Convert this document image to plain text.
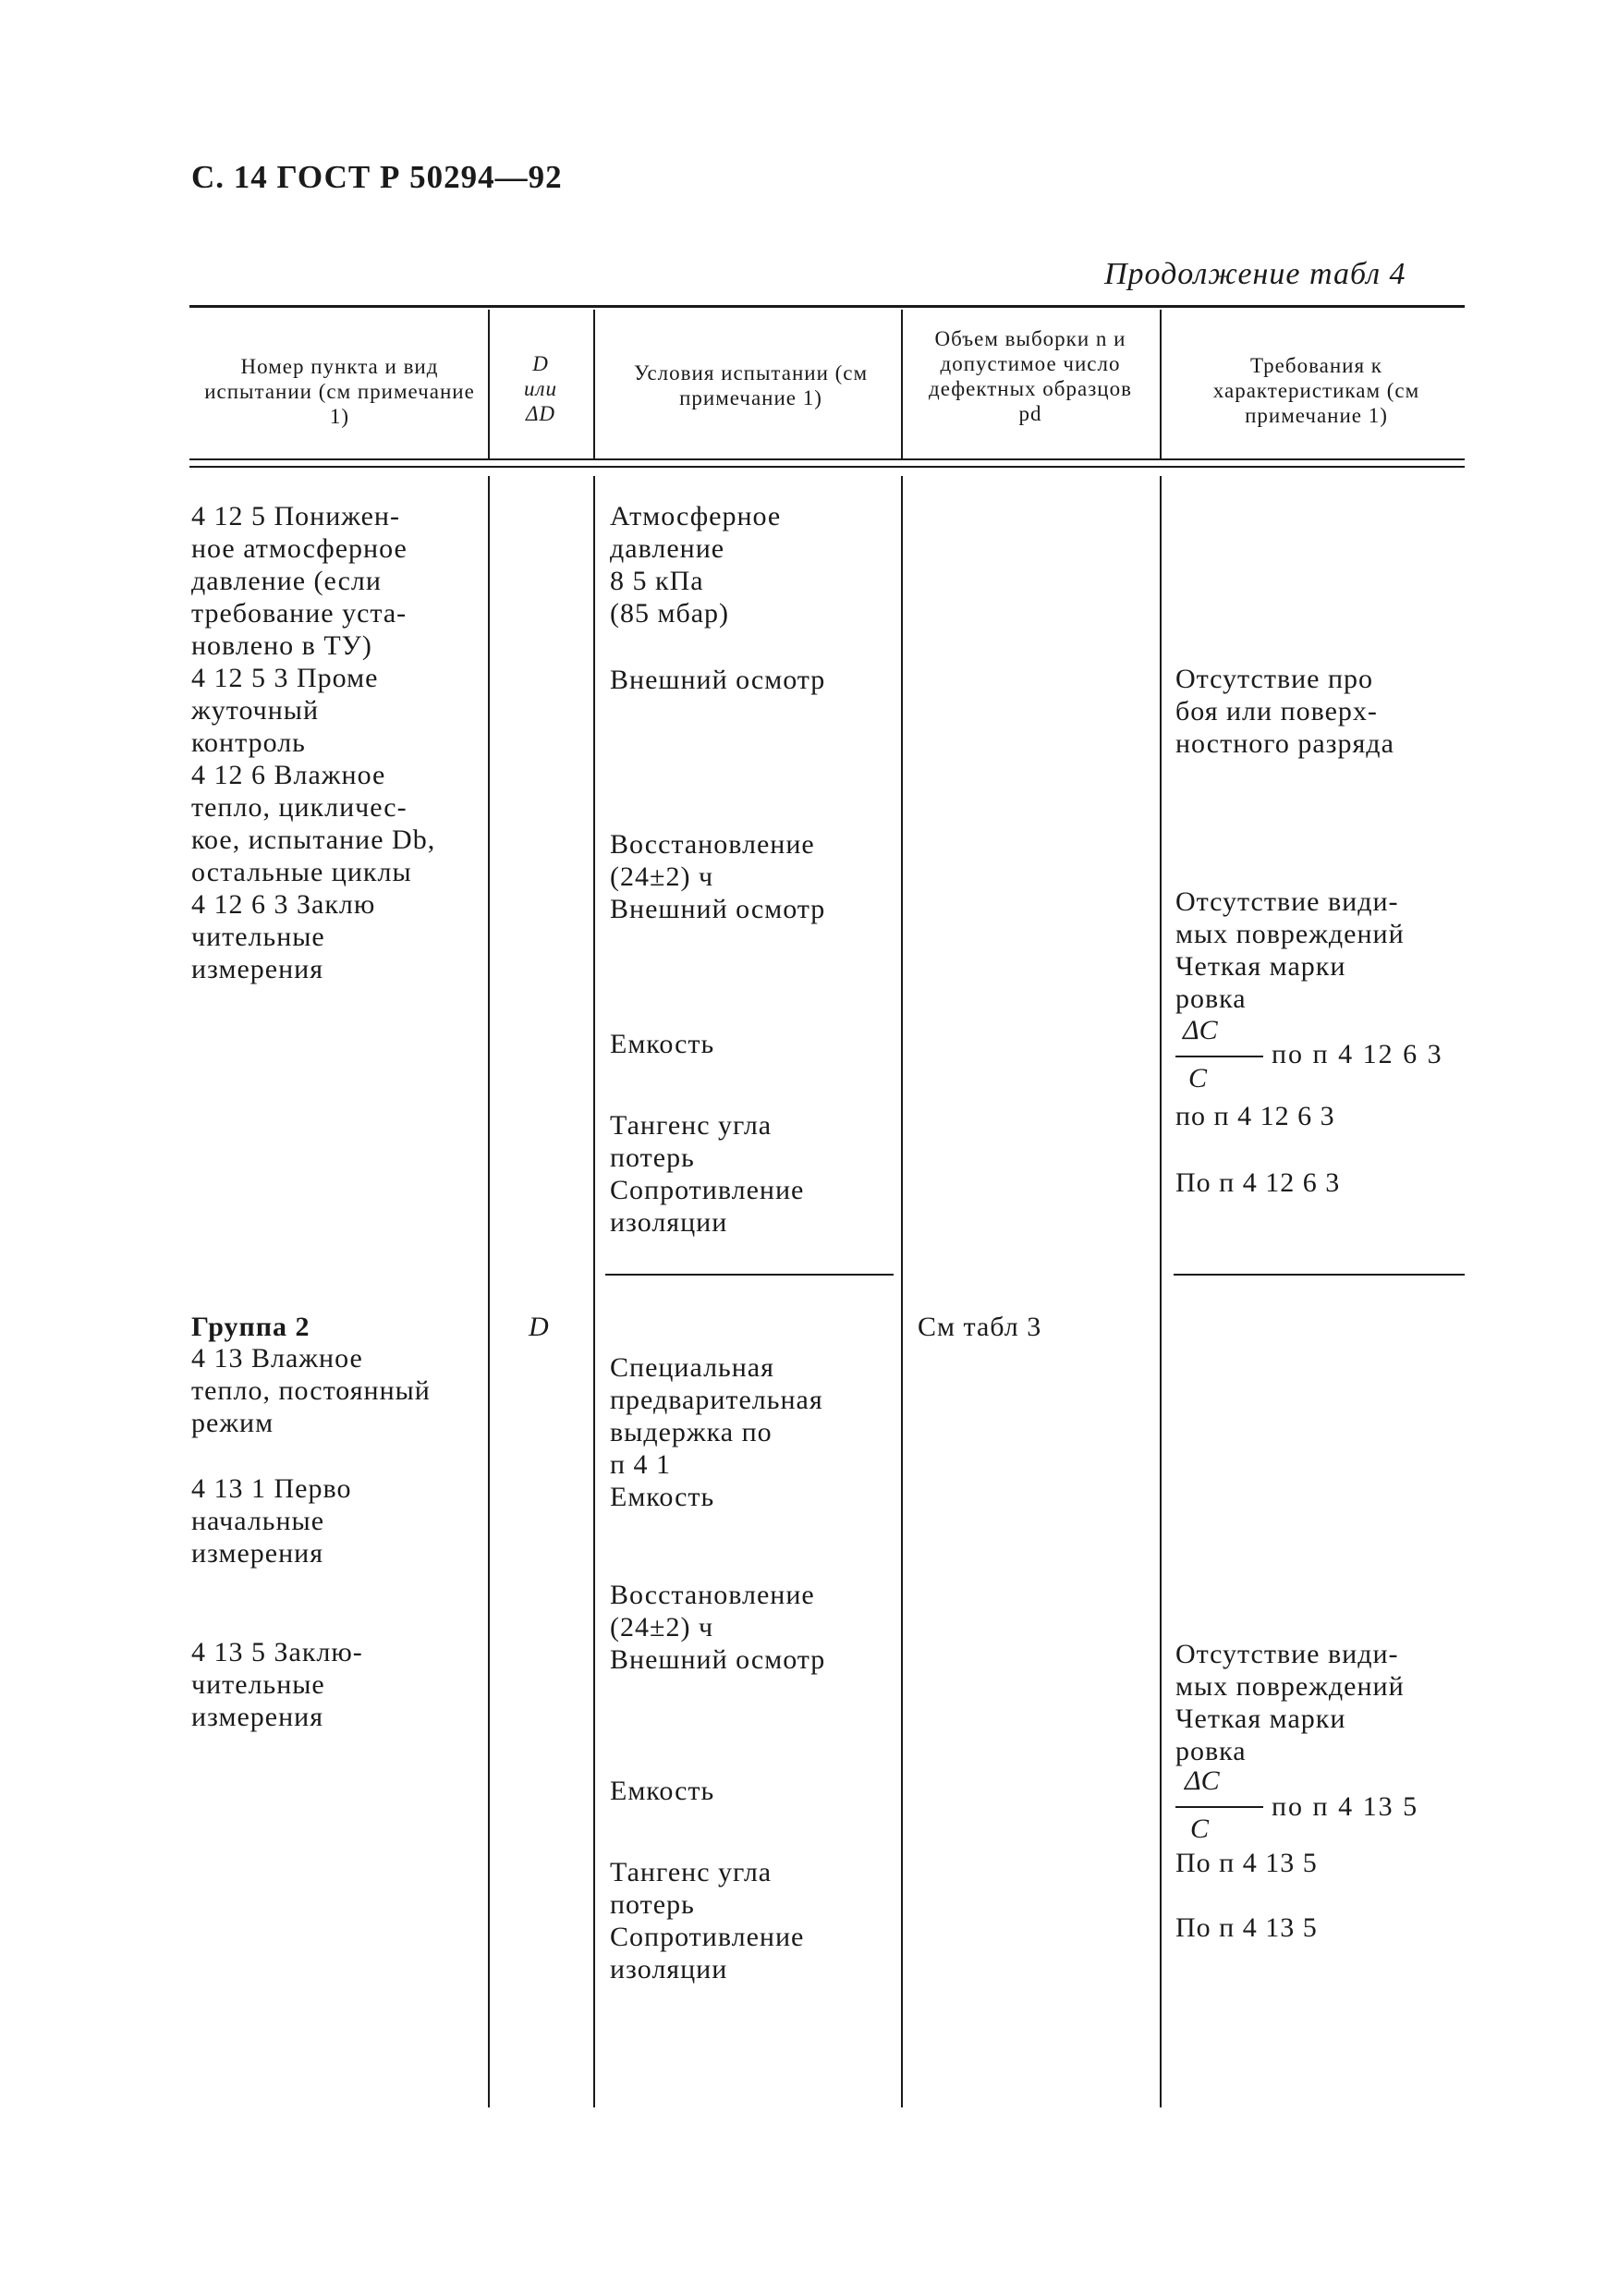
С. 14 ГОСТ Р 50294—92
Продолжение табл 4
Номер пункта и вид испытании (см примечание 1)
D или ΔD
Условия испытании (см примечание 1)
Объем выборки n и допустимое число дефектных образцов pd
Требования к характеристикам (см примечание 1)
4 12 5 Понижен-
ное атмосферное
давление (если
требование уста-
новлено в ТУ)
4 12 5 3 Проме
жуточный
контроль
4 12 6 Влажное
тепло, цикличес-
кое, испытание Db,
остальные циклы
4 12 6 3 Заклю
чительные
измерения
Атмосферное
давление
8 5 кПа
(85 мбар)
Внешний осмотр
Восстановление
(24±2) ч
Внешний осмотр
Емкость
Тангенс угла
потерь
Сопротивление
изоляции
Отсутствие про
боя или поверх-
ностного разряда
Отсутствие види-
мых повреждений
Четкая марки
ровка
ΔC
C
по п 4 12 6 3
по п 4 12 6 3
По п 4 12 6 3
Группа 2
4 13 Влажное
тепло, постоянный
режим
4 13 1 Перво
начальные
измерения
4 13 5 Заклю-
чительные
измерения
D
Специальная
предварительная
выдержка по
п 4 1
Емкость
Восстановление
(24±2) ч
Внешний осмотр
Емкость
Тангенс угла
потерь
Сопротивление
изоляции
См табл 3
Отсутствие види-
мых повреждений
Четкая марки
ровка
ΔC
C
по п 4 13 5
По п 4 13 5
По п 4 13 5
